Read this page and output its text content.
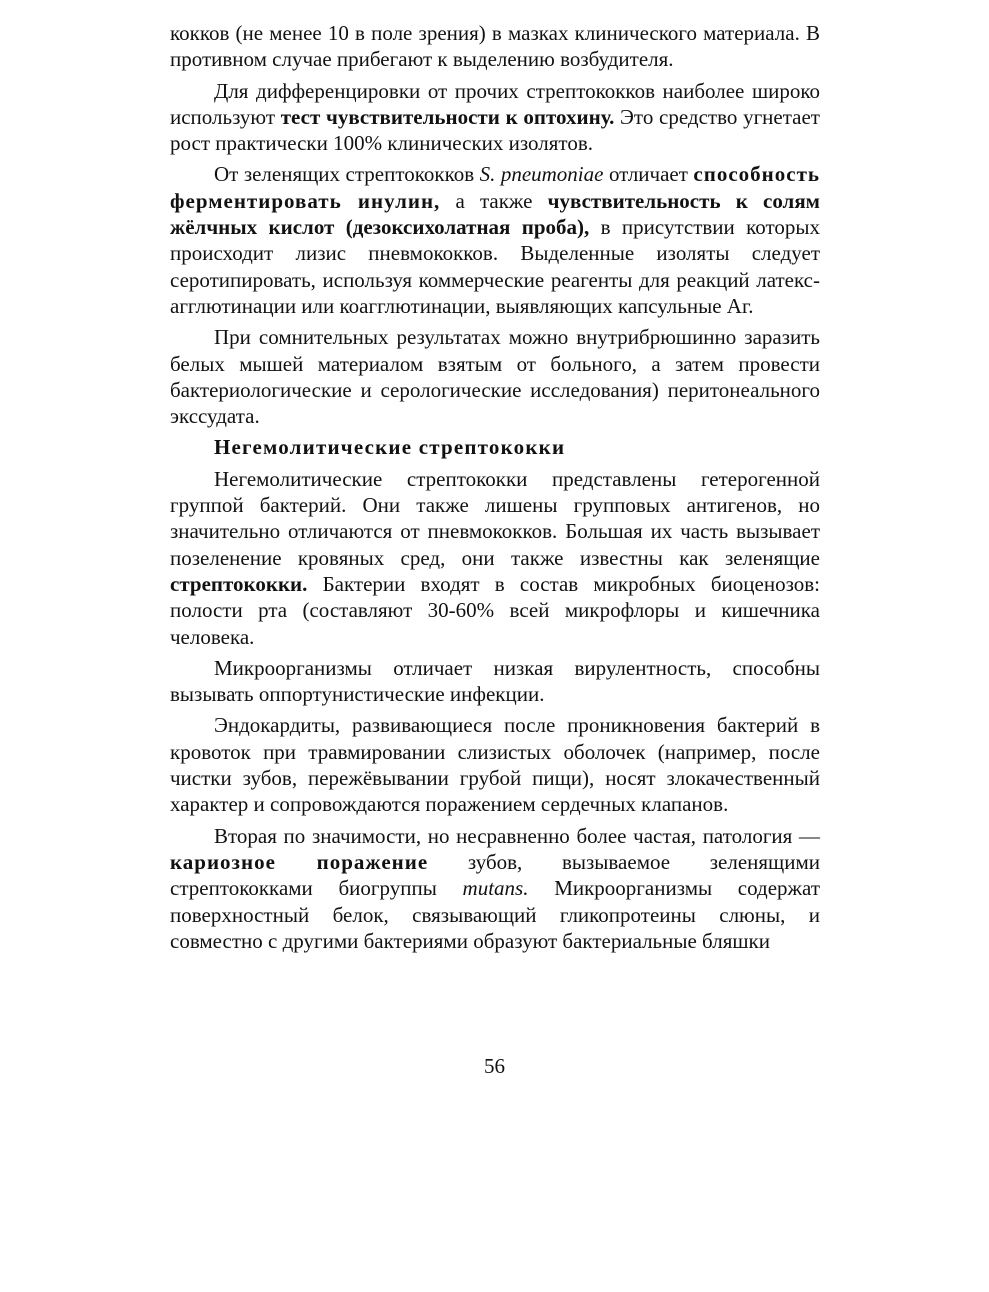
кокков (не менее 10 в поле зрения) в мазках клинического материала. В противном случае прибегают к выделению возбудителя.

Для дифференцировки от прочих стрептококков наиболее широко используют тест чувствительности к оптохину. Это средство угнетает рост практически 100% клинических изолятов.

От зеленящих стрептококков S. pneumoniae отличает способность ферментировать инулин, а также чувствительность к солям жёлчных кислот (дезоксихолатная проба), в присутствии которых происходит лизис пневмококков. Выделенные изоляты следует серотипировать, используя коммерческие реагенты для реакций латекс-агглютинации или коагглютинации, выявляющих капсульные Аг.

При сомнительных результатах можно внутрибрюшинно заразить белых мышей материалом взятым от больного, а затем провести бактериологические и серологические исследования) перитонеального экссудата.

Негемолитические стрептококки

Негемолитические стрептококки представлены гетерогенной группой бактерий. Они также лишены групповых антигенов, но значительно отличаются от пневмококков. Большая их часть вызывает позеленение кровяных сред, они также известны как зеленящие стрептококки. Бактерии входят в состав микробных биоценозов: полости рта (составляют 30-60% всей микрофлоры и кишечника человека.

Микроорганизмы отличает низкая вирулентность, способны вызывать оппортунистические инфекции.

Эндокардиты, развивающиеся после проникновения бактерий в кровоток при травмировании слизистых оболочек (например, после чистки зубов, пережёвывании грубой пищи), носят злокачественный характер и сопровождаются поражением сердечных клапанов.

Вторая по значимости, но несравненно более частая, патология — кариозное поражение зубов, вызываемое зеленящими стрептококками биогруппы mutans. Микроорганизмы содержат поверхностный белок, связывающий гликопротеины слюны, и совместно с другими бактериями образуют бактериальные бляшки

56
